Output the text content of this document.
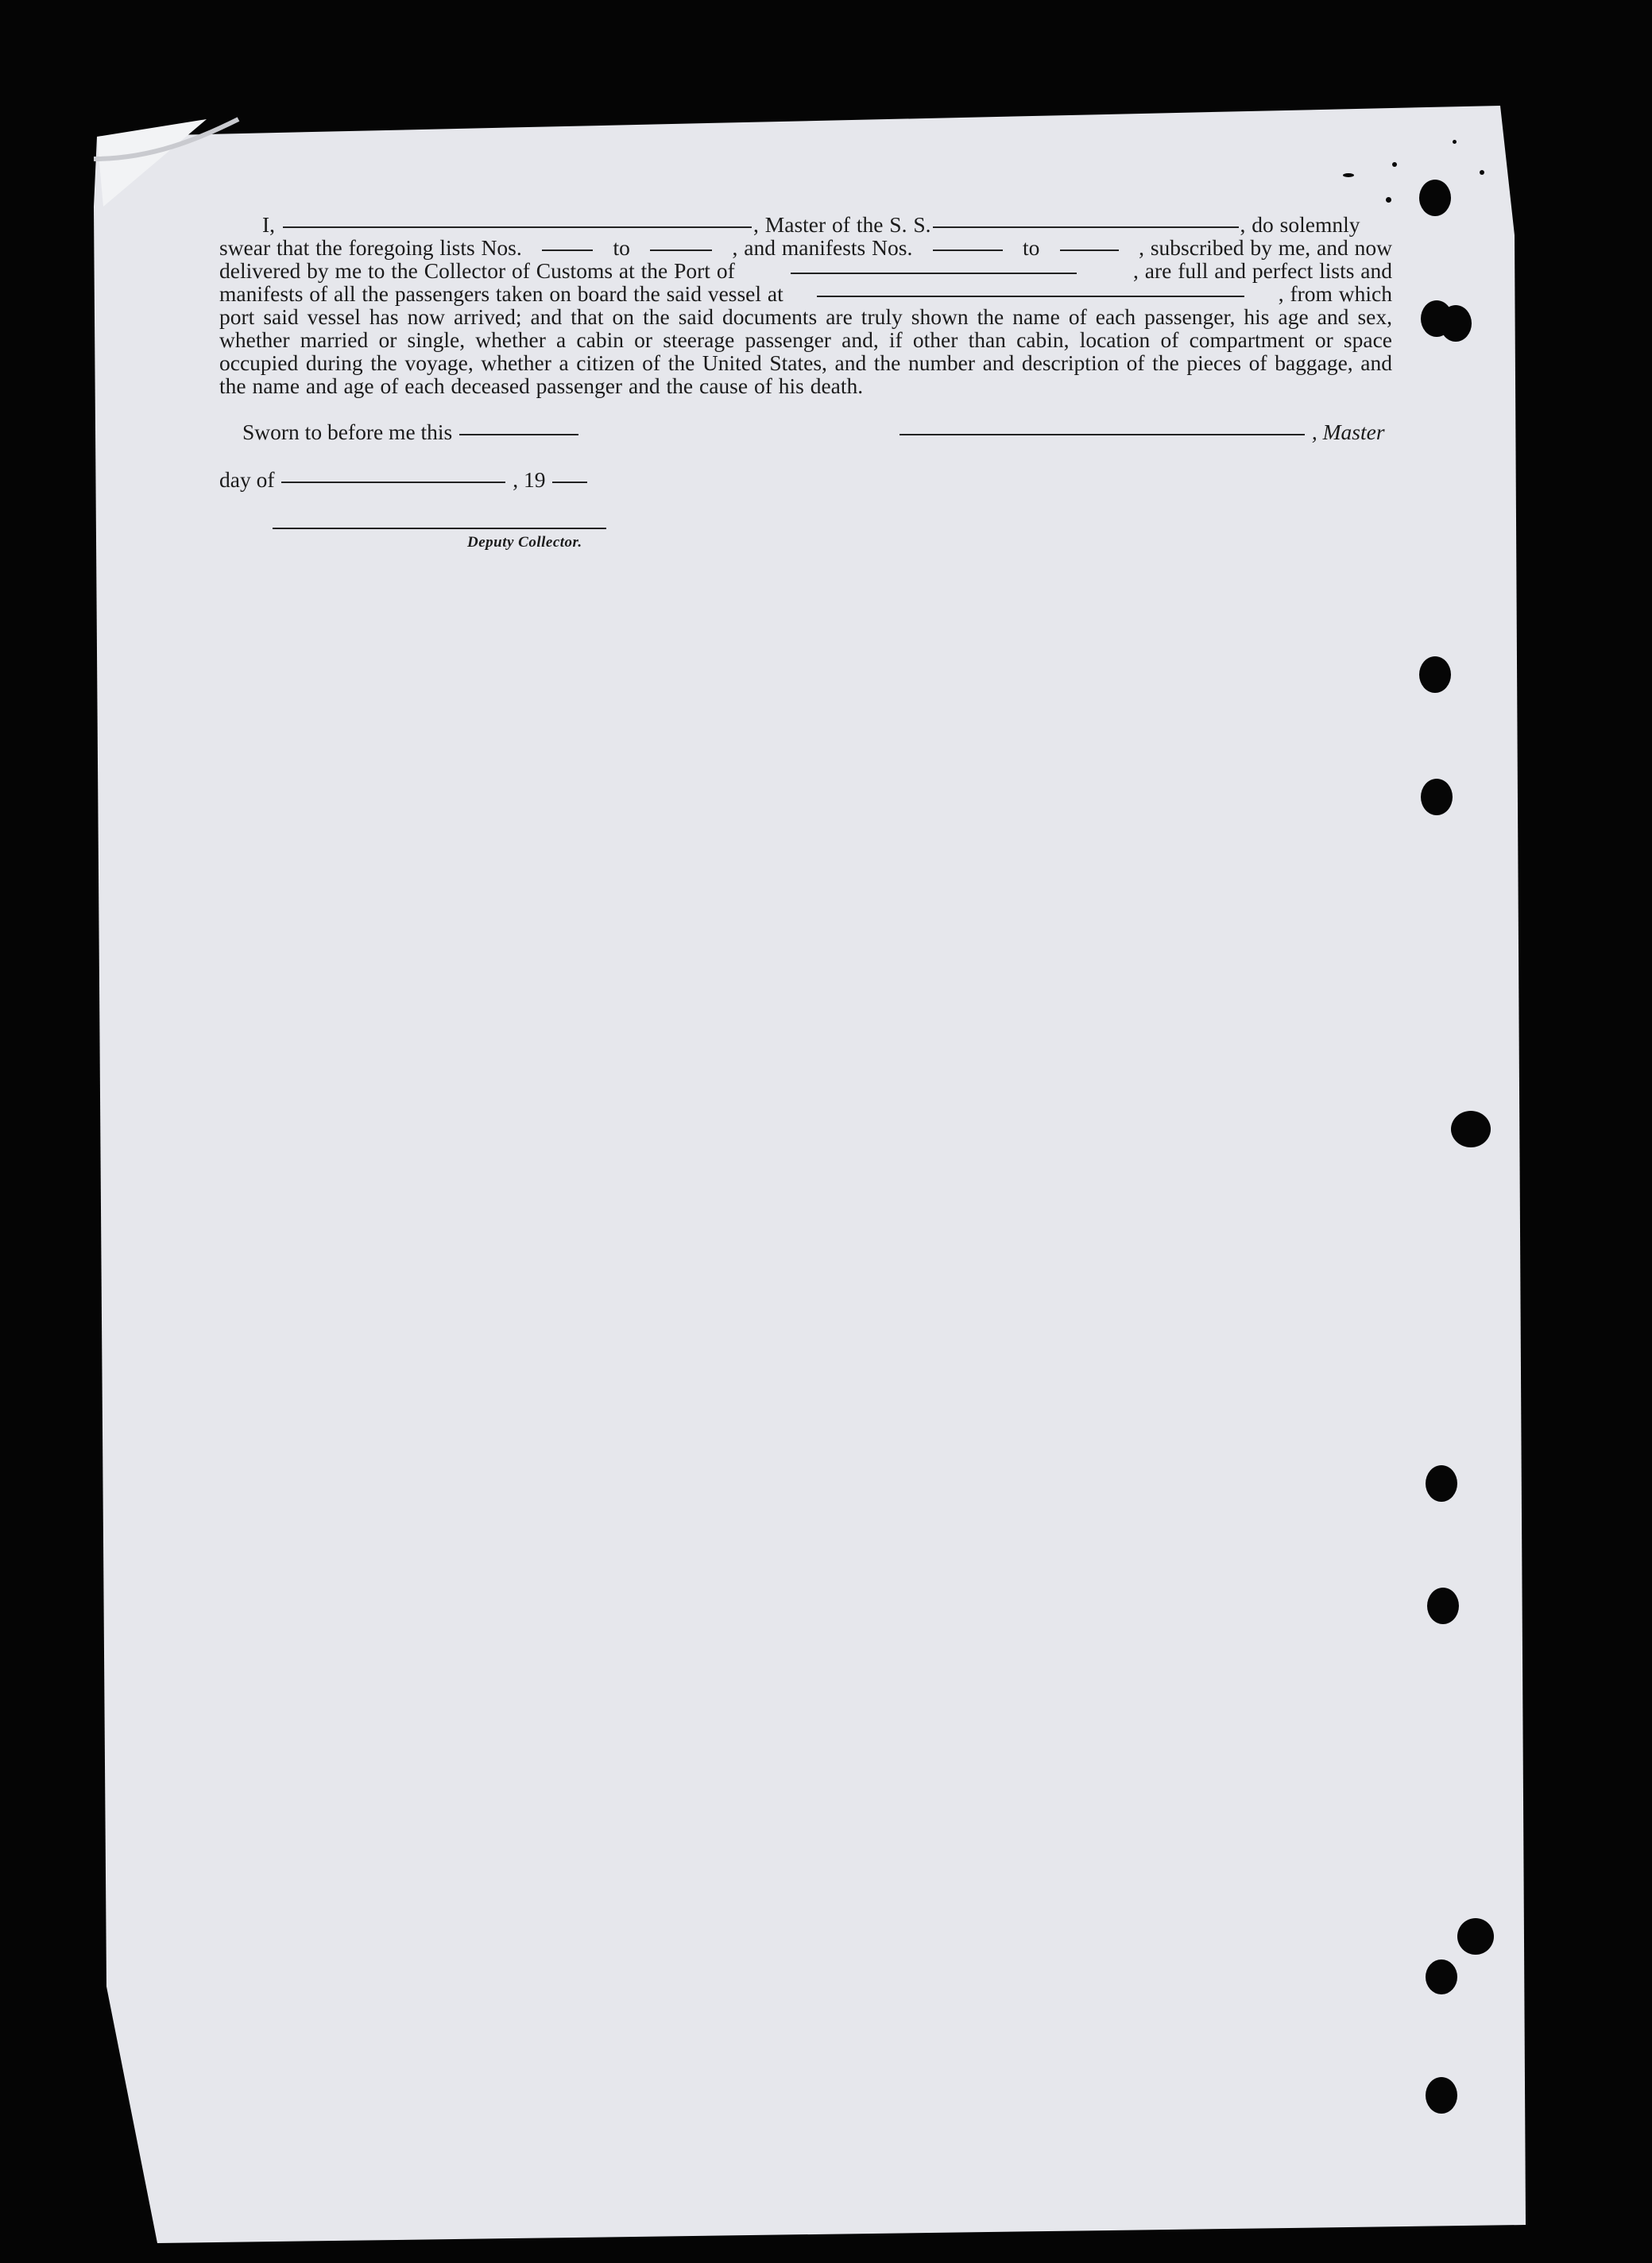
I,	, Master of the S. S.	, do solemnly
swear that the foregoing lists Nos.	to	, and manifests Nos.	to	, subscribed by me, and now
delivered by me to the Collector of Customs at the Port of	, are full and perfect lists and
manifests of all the passengers taken on board the said vessel at	, from which
port said vessel has now arrived; and that on the said documents are truly shown the name of each passenger, his age and sex, whether married or single, whether a cabin or steerage passenger and, if other than cabin, location of compartment or space occupied during the voyage, whether a citizen of the United States, and the number and description of the pieces of baggage, and the name and age of each deceased passenger and the cause of his death.
Sworn to before me this	, Master
day of	, 19
Deputy Collector.
